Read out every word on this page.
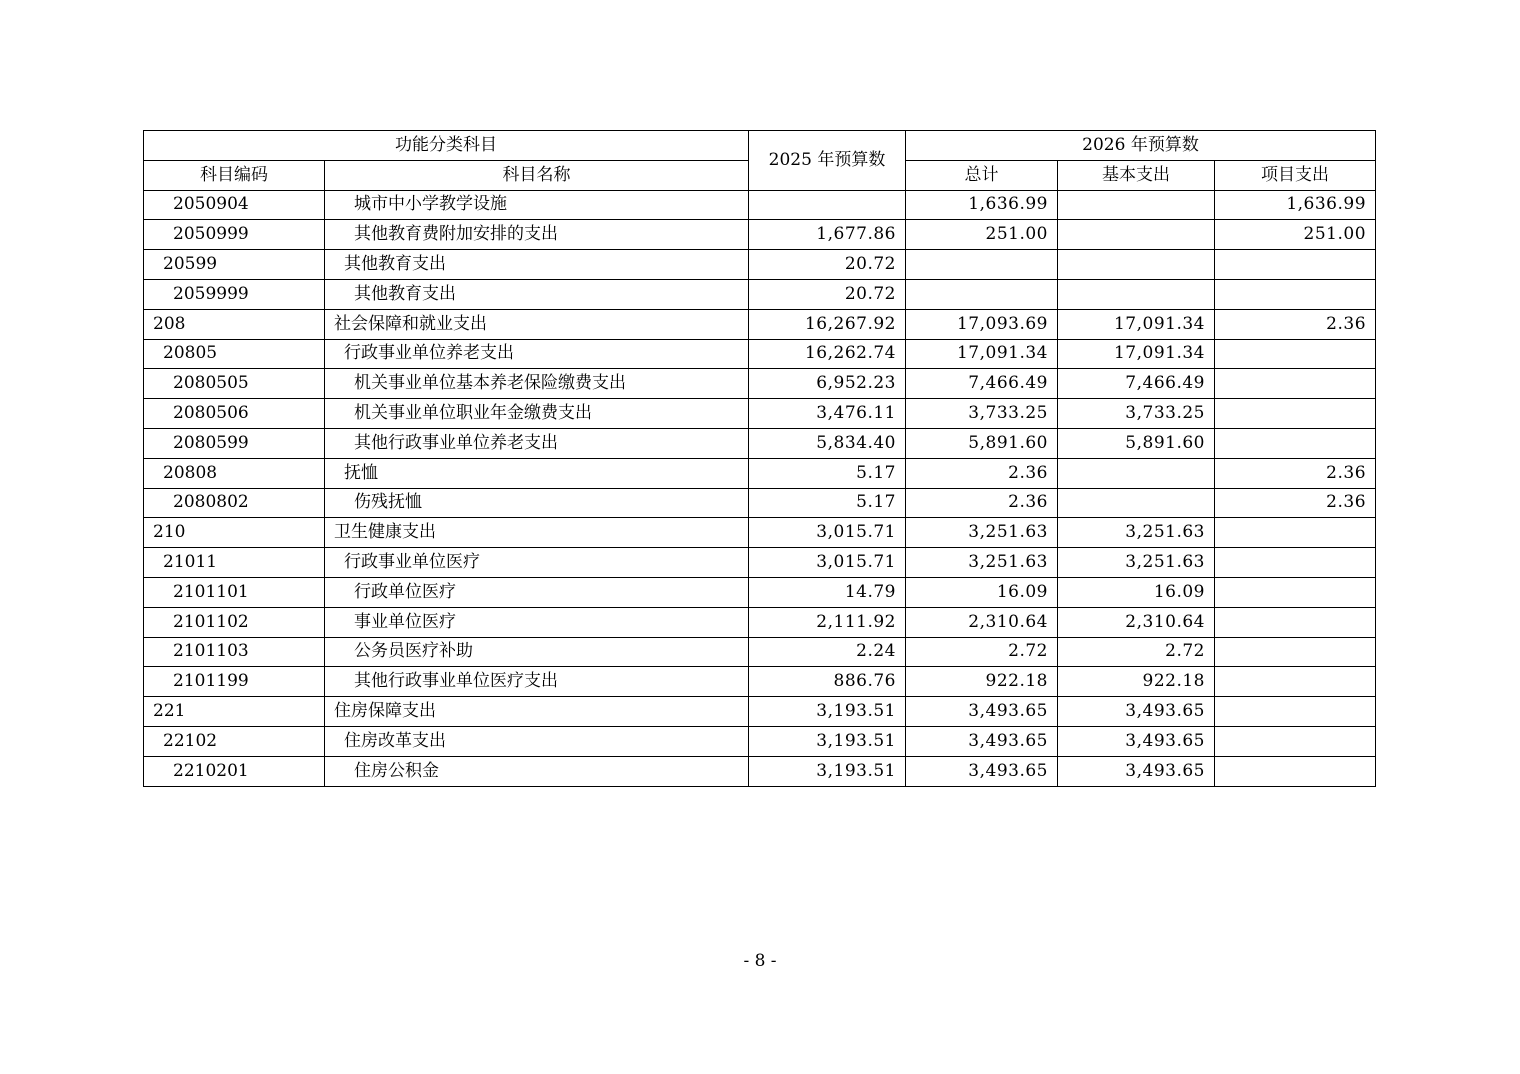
功能分类科目		2025 年预算数	2026 年预算数		
科目编码	科目名称		总计	基本支出	项目支出
2050904	城市中小学教学设施		1,636.99		1,636.99
2050999	其他教育费附加安排的支出	1,677.86	251.00		251.00
20599	其他教育支出	20.72			
2059999	其他教育支出	20.72			
208	社会保障和就业支出	16,267.92	17,093.69	17,091.34	2.36
20805	行政事业单位养老支出	16,262.74	17,091.34	17,091.34	
2080505	机关事业单位基本养老保险缴费支出	6,952.23	7,466.49	7,466.49	
2080506	机关事业单位职业年金缴费支出	3,476.11	3,733.25	3,733.25	
2080599	其他行政事业单位养老支出	5,834.40	5,891.60	5,891.60	
20808	抚恤	5.17	2.36		2.36
2080802	伤残抚恤	5.17	2.36		2.36
210	卫生健康支出	3,015.71	3,251.63	3,251.63	
21011	行政事业单位医疗	3,015.71	3,251.63	3,251.63	
2101101	行政单位医疗	14.79	16.09	16.09	
2101102	事业单位医疗	2,111.92	2,310.64	2,310.64	
2101103	公务员医疗补助	2.24	2.72	2.72	
2101199	其他行政事业单位医疗支出	886.76	922.18	922.18	
221	住房保障支出	3,193.51	3,493.65	3,493.65	
22102	住房改革支出	3,193.51	3,493.65	3,493.65	
2210201	住房公积金	3,193.51	3,493.65	3,493.65	
- 8 -
